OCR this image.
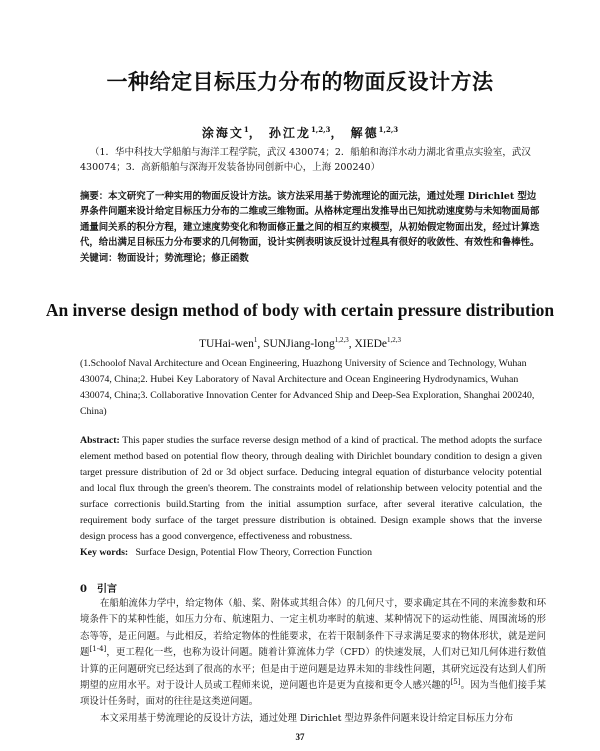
一种给定目标压力分布的物面反设计方法
涂海文$^1$， 孙江龙$^{1,2,3}$， 解德$^{1,2,3}$
（1．华中科技大学船舶与海洋工程学院，武汉 430074；2．船舶和海洋水动力湖北省重点实验室，武汉 430074；3．高新船舶与深海开发装备协同创新中心，上海 200240）

摘要：本文研究了一种实用的物面反设计方法。该方法采用基于势流理论的面元法，通过处理 Dirichlet 型边界条件问题来设计给定目标压力分布的二维或三维物面。从格林定理出发推导出已知扰动速度势与未知物面局部通量间关系的积分方程，建立速度势变化和物面修正量之间的相互约束模型，从初始假定物面出发，经过计算迭代，给出满足目标压力分布要求的几何物面，设计实例表明该反设计过程具有很好的收敛性、有效性和鲁棒性。

关键词：物面设计；势流理论；修正函数

An inverse design method of body with certain pressure distribution
TUHai-wen$^1$, SUNJiang-long$^{1,2,3}$, XIEDe$^{1,2,3}$
(1.Schoolof Naval Architecture and Ocean Engineering, Huazhong University of Science and Technology, Wuhan 430074, China;2. Hubei Key Laboratory of Naval Architecture and Ocean Engineering Hydrodynamics, Wuhan 430074, China;3. Collaborative Innovation Center for Advanced Ship and Deep-Sea Exploration, Shanghai 200240, China)

Abstract: This paper studies the surface reverse design method of a kind of practical. The method adopts the surface element method based on potential flow theory, through dealing with Dirichlet boundary condition to design a given target pressure distribution of 2d or 3d object surface. Deducing integral equation of disturbance velocity potential and local flux through the green's theorem. The constraints model of relationship between velocity potential and the surface correctionis build.Starting from the initial assumption surface, after several iterative calculation, the requirement body surface of the target pressure distribution is obtained. Design example shows that the inverse design process has a good convergence, effectiveness and robustness.

Key words: Surface Design, Potential Flow Theory, Correction Function

0　引言

在船舶流体力学中，给定物体（船、桨、附体或其组合体）的几何尺寸，要求确定其在不同的来流参数和环境条件下的某种性能，如压力分布、航速阻力、一定主机功率时的航速、某种情况下的运动性能、周围流场的形态等等，是正问题。与此相反，若给定物体的性能要求，在若干限制条件下寻求满足要求的物体形状，就是逆问题[1-4]，更工程化一些，也称为设计问题。随着计算流体力学（CFD）的快速发展，人们对已知几何体进行数值计算的正问题研究已经达到了很高的水平；但是由于逆问题是边界未知的非线性问题，其研究远没有达到人们所期望的应用水平。对于设计人员或工程师来说，逆问题也许是更为直接和更令人感兴趣的[5]。因为当他们接手某项设计任务时，面对的往往是这类逆问题。

本文采用基于势流理论的反设计方法，通过处理 Dirichlet 型边界条件问题来设计给定目标压力分布

37
